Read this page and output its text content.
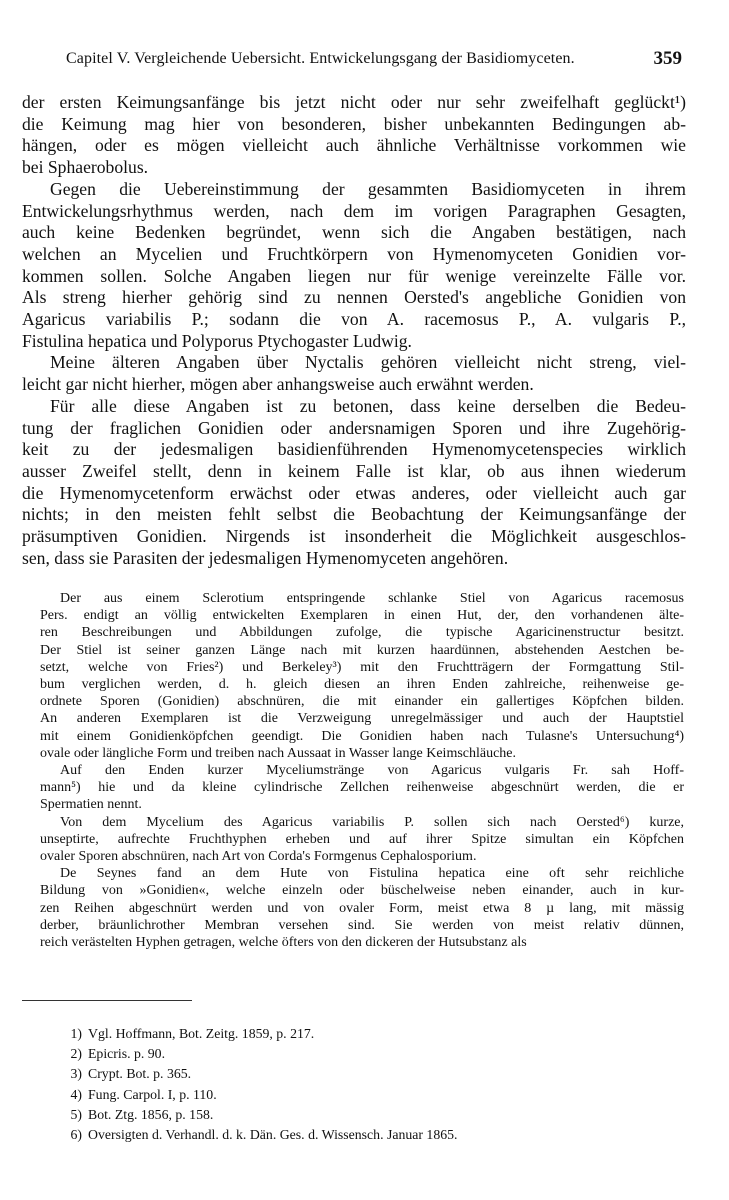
Capitel V. Vergleichende Uebersicht. Entwickelungsgang der Basidiomyceten.	359

der ersten Keimungsanfänge bis jetzt nicht oder nur sehr zweifelhaft geglückt¹)
die Keimung mag hier von besonderen, bisher unbekannten Bedingungen ab-
hängen, oder es mögen vielleicht auch ähnliche Verhältnisse vorkommen wie
bei Sphaerobolus.

Gegen die Uebereinstimmung der gesammten Basidiomyceten in ihrem
Entwickelungsrhythmus werden, nach dem im vorigen Paragraphen Gesagten,
auch keine Bedenken begründet, wenn sich die Angaben bestätigen, nach
welchen an Mycelien und Fruchtkörpern von Hymenomyceten Gonidien vor-
kommen sollen. Solche Angaben liegen nur für wenige vereinzelte Fälle vor.
Als streng hierher gehörig sind zu nennen Oersted's angebliche Gonidien von
Agaricus variabilis P.; sodann die von A. racemosus P., A. vulgaris P.,
Fistulina hepatica und Polyporus Ptychogaster Ludwig.

Meine älteren Angaben über Nyctalis gehören vielleicht nicht streng, viel-
leicht gar nicht hierher, mögen aber anhangsweise auch erwähnt werden.

Für alle diese Angaben ist zu betonen, dass keine derselben die Bedeu-
tung der fraglichen Gonidien oder andersnamigen Sporen und ihre Zugehörig-
keit zu der jedesmaligen basidienführenden Hymenomycetenspecies wirklich
ausser Zweifel stellt, denn in keinem Falle ist klar, ob aus ihnen wiederum
die Hymenomycetenform erwächst oder etwas anderes, oder vielleicht auch gar
nichts; in den meisten fehlt selbst die Beobachtung der Keimungsanfänge der
präsumptiven Gonidien. Nirgends ist insonderheit die Möglichkeit ausgeschlos-
sen, dass sie Parasiten der jedesmaligen Hymenomyceten angehören.

Der aus einem Sclerotium entspringende schlanke Stiel von Agaricus racemosus
Pers. endigt an völlig entwickelten Exemplaren in einen Hut, der, den vorhandenen älte-
ren Beschreibungen und Abbildungen zufolge, die typische Agaricinenstructur besitzt.
Der Stiel ist seiner ganzen Länge nach mit kurzen haardünnen, abstehenden Aestchen be-
setzt, welche von Fries²) und Berkeley³) mit den Fruchtträgern der Formgattung Stil-
bum verglichen werden, d. h. gleich diesen an ihren Enden zahlreiche, reihenweise ge-
ordnete Sporen (Gonidien) abschnüren, die mit einander ein gallertiges Köpfchen bilden.
An anderen Exemplaren ist die Verzweigung unregelmässiger und auch der Hauptstiel
mit einem Gonidienköpfchen geendigt. Die Gonidien haben nach Tulasne's Untersuchung⁴)
ovale oder längliche Form und treiben nach Aussaat in Wasser lange Keimschläuche.

Auf den Enden kurzer Myceliumstränge von Agaricus vulgaris Fr. sah Hoff-
mann⁵) hie und da kleine cylindrische Zellchen reihenweise abgeschnürt werden, die er
Spermatien nennt.

Von dem Mycelium des Agaricus variabilis P. sollen sich nach Oersted⁶) kurze,
unseptirte, aufrechte Fruchthyphen erheben und auf ihrer Spitze simultan ein Köpfchen
ovaler Sporen abschnüren, nach Art von Corda's Formgenus Cephalosporium.

De Seynes fand an dem Hute von Fistulina hepatica eine oft sehr reichliche
Bildung von »Gonidien«, welche einzeln oder büschelweise neben einander, auch in kur-
zen Reihen abgeschnürt werden und von ovaler Form, meist etwa 8 µ lang, mit mässig
derber, bräunlichrother Membran versehen sind. Sie werden von meist relativ dünnen,
reich verästelten Hyphen getragen, welche öfters von den dickeren der Hutsubstanz als

1) Vgl. Hoffmann, Bot. Zeitg. 1859, p. 217.
2) Epicris. p. 90.
3) Crypt. Bot. p. 365.
4) Fung. Carpol. I, p. 110.
5) Bot. Ztg. 1856, p. 158.
6) Oversigten d. Verhandl. d. k. Dän. Ges. d. Wissensch. Januar 1865.
